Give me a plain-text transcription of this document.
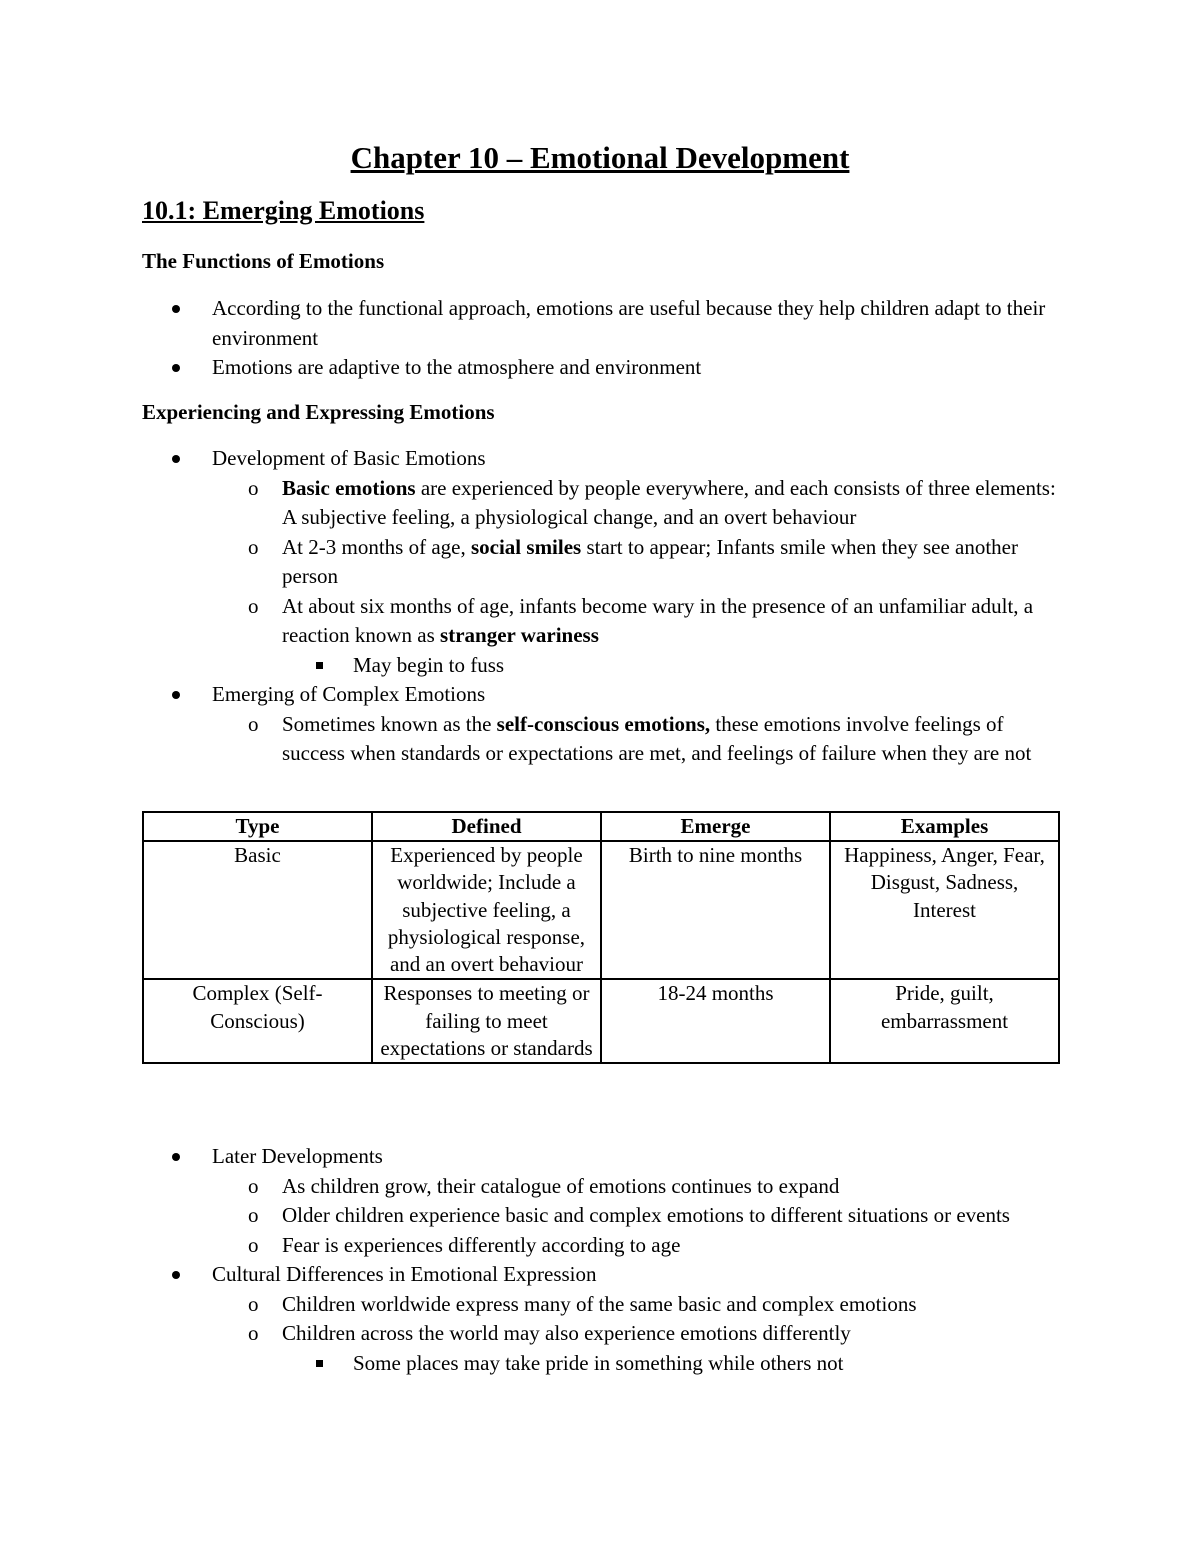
Chapter 10 – Emotional Development
10.1: Emerging Emotions
The Functions of Emotions
According to the functional approach, emotions are useful because they help children adapt to their environment
Emotions are adaptive to the atmosphere and environment
Experiencing and Expressing Emotions
Development of Basic Emotions
o Basic emotions are experienced by people everywhere, and each consists of three elements: A subjective feeling, a physiological change, and an overt behaviour
o At 2-3 months of age, social smiles start to appear; Infants smile when they see another person
o At about six months of age, infants become wary in the presence of an unfamiliar adult, a reaction known as stranger wariness
May begin to fuss
Emerging of Complex Emotions
o Sometimes known as the self-conscious emotions, these emotions involve feelings of success when standards or expectations are met, and feelings of failure when they are not
Type	Defined	Emerge	Examples
Basic	Experienced by people worldwide; Include a subjective feeling, a physiological response, and an overt behaviour	Birth to nine months	Happiness, Anger, Fear, Disgust, Sadness, Interest
Complex (Self-Conscious)	Responses to meeting or failing to meet expectations or standards	18-24 months	Pride, guilt, embarrassment
Later Developments
o As children grow, their catalogue of emotions continues to expand
o Older children experience basic and complex emotions to different situations or events
o Fear is experiences differently according to age
Cultural Differences in Emotional Expression
o Children worldwide express many of the same basic and complex emotions
o Children across the world may also experience emotions differently
Some places may take pride in something while others not
